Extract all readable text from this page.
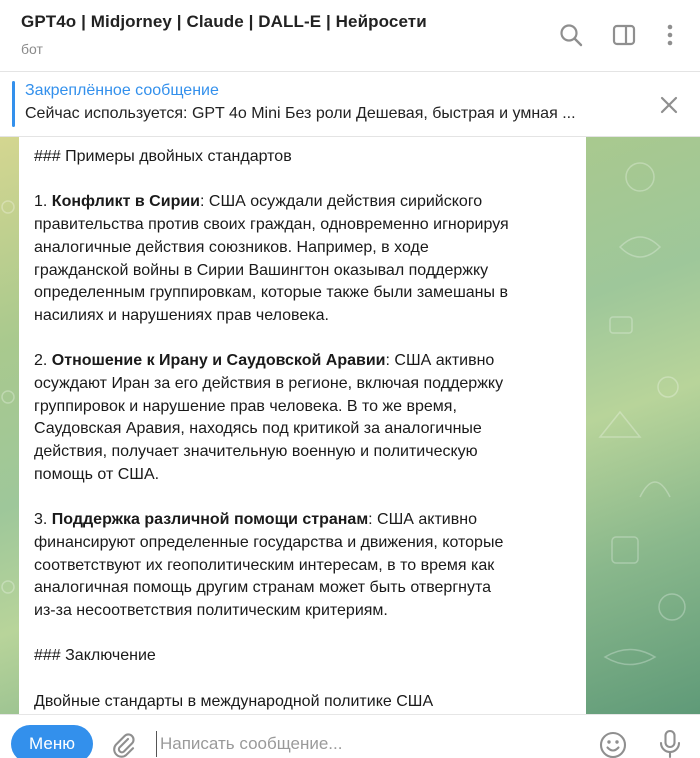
GPT4o | Midjorney | Claude | DALL-E | Нейросети
бот
Закреплённое сообщение
Сейчас используется: GPT 4o Mini Без роли Дешевая, быстрая и умная ...

### Примеры двойных стандартов

1. Конфликт в Сирии: США осуждали действия сирийского
правительства против своих граждан, одновременно игнорируя
аналогичные действия союзников. Например, в ходе
гражданской войны в Сирии Вашингтон оказывал поддержку
определенным группировкам, которые также были замешаны в
насилиях и нарушениях прав человека.

2. Отношение к Ирану и Саудовской Аравии: США активно
осуждают Иран за его действия в регионе, включая поддержку
группировок и нарушение прав человека. В то же время,
Саудовская Аравия, находясь под критикой за аналогичные
действия, получает значительную военную и политическую
помощь от США.

3. Поддержка различной помощи странам: США активно
финансируют определенные государства и движения, которые
соответствуют их геополитическим интересам, в то время как
аналогичная помощь другим странам может быть отвергнута
из-за несоответствия политическим критериям.

### Заключение

Двойные стандарты в международной политике США

Меню
Написать сообщение...
